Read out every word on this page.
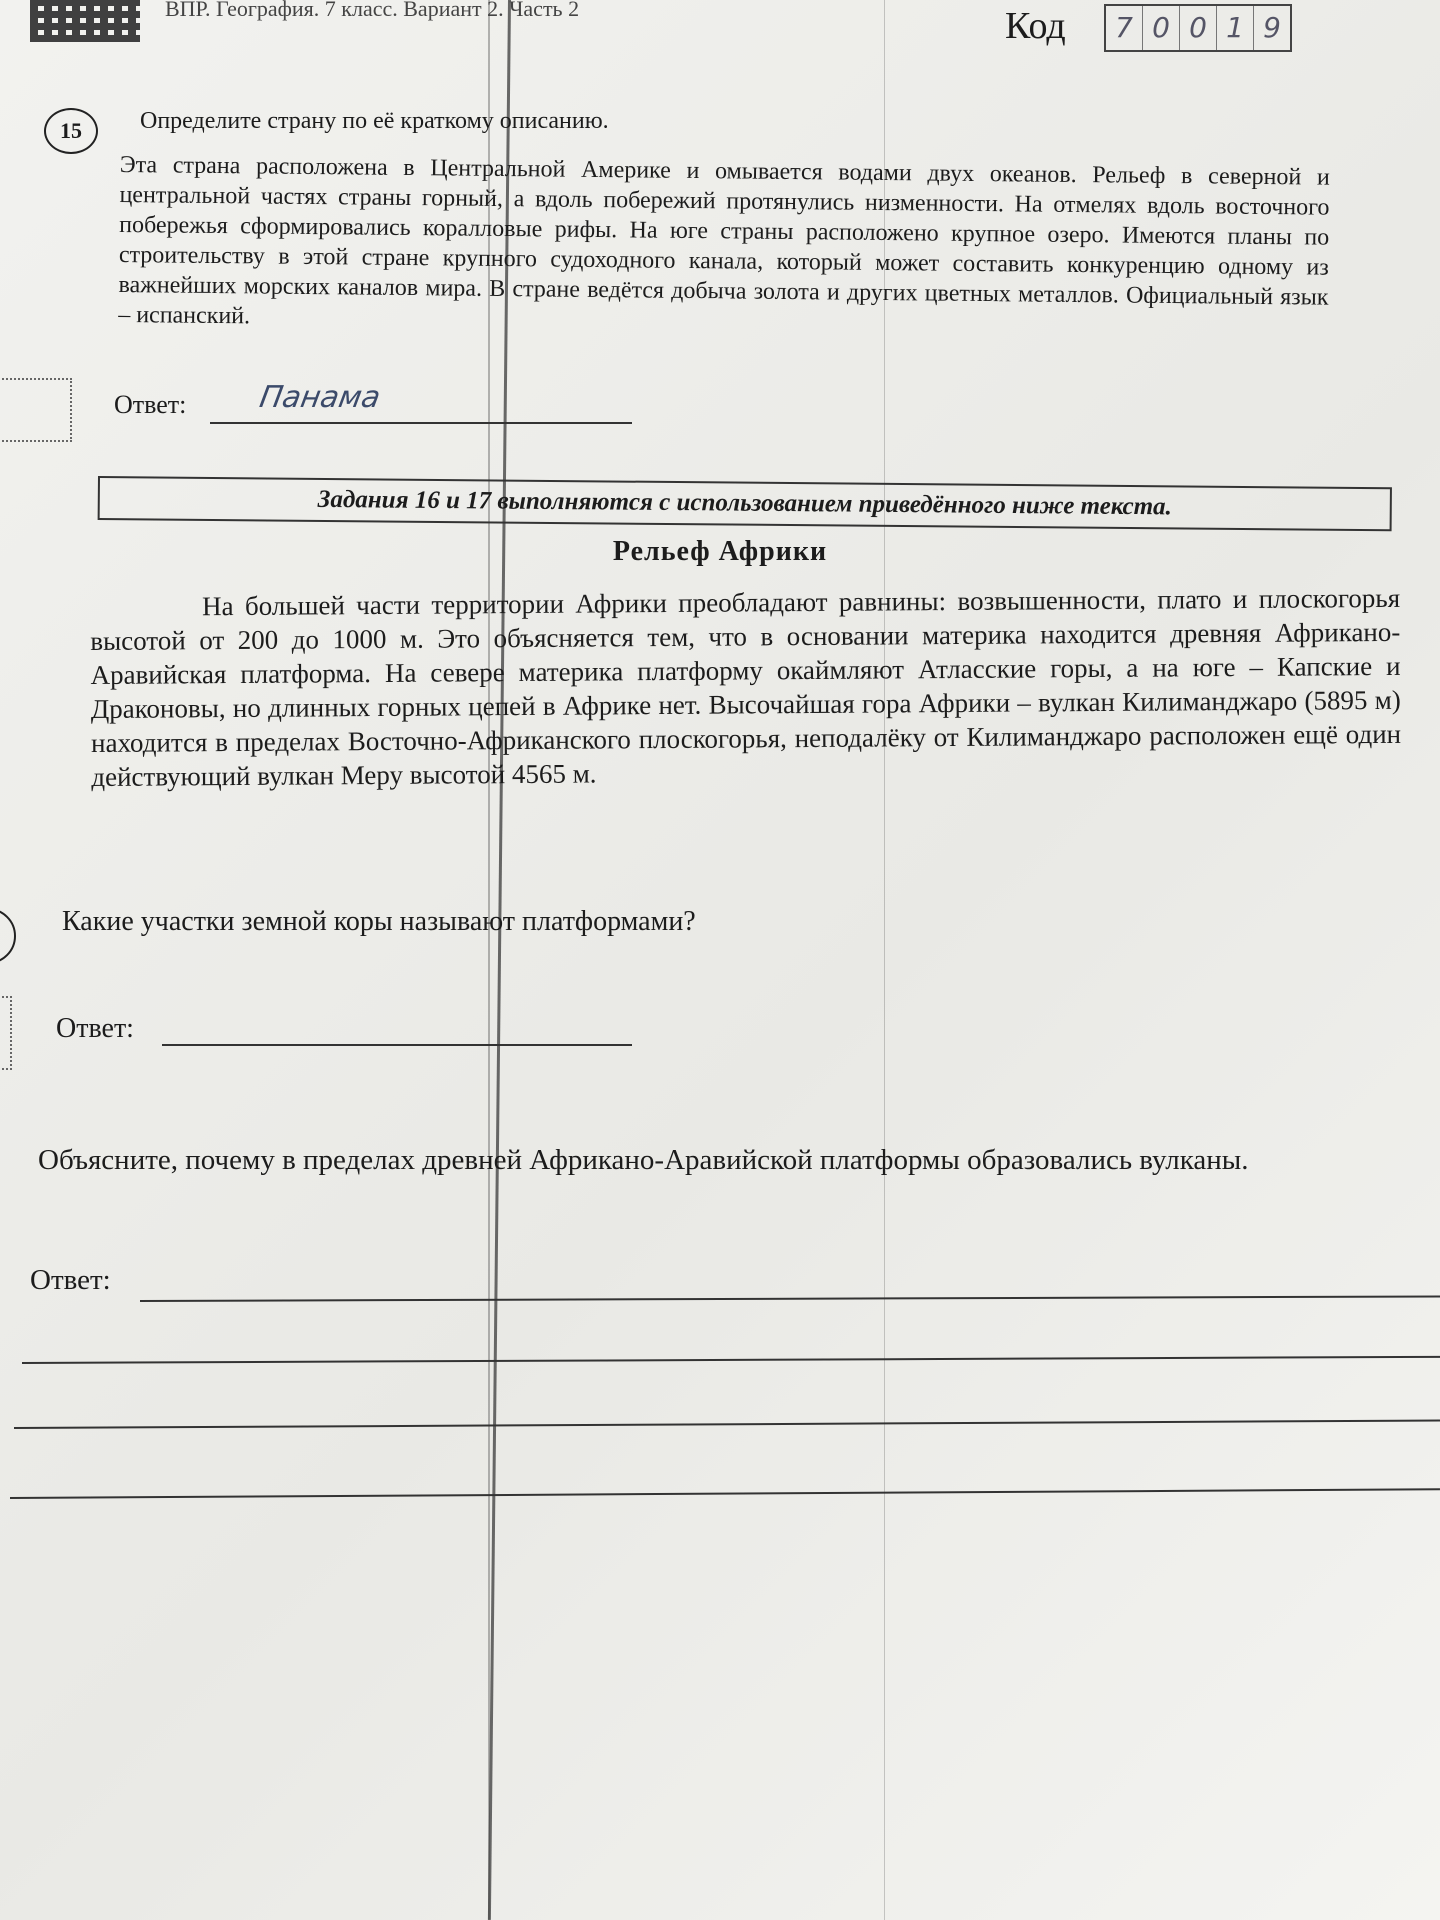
ВПР. География. 7 класс. Вариант 2. Часть 2	Код	7 0 0 1 9
15	Определите страну по её краткому описанию.

Эта страна расположена в Центральной Америке и омывается водами двух океанов. Рельеф в северной и центральной частях страны горный, а вдоль побережий протянулись низменности. На отмелях вдоль восточного побережья сформировались коралловые рифы. На юге страны расположено крупное озеро. Имеются планы по строительству в этой стране крупного судоходного канала, который может составить конкуренцию одному из важнейших морских каналов мира. В стране ведётся добыча золота и других цветных металлов. Официальный язык – испанский.

Ответ: Панама
Задания 16 и 17 выполняются с использованием приведённого ниже текста.
Рельеф Африки

На большей части территории Африки преобладают равнины: возвышенности, плато и плоскогорья высотой от 200 до 1000 м. Это объясняется тем, что в основании материка находится древняя Африкано-Аравийская платформа. На севере материка платформу окаймляют Атласские горы, а на юге – Капские и Драконовы, но длинных горных цепей в Африке нет. Высочайшая гора Африки – вулкан Килиманджаро (5895 м) находится в пределах Восточно-Африканского плоскогорья, неподалёку от Килиманджаро расположен ещё один действующий вулкан Меру высотой 4565 м.

Какие участки земной коры называют платформами?
Ответ:

Объясните, почему в пределах древней Африкано-Аравийской платформы образовались вулканы.

Ответ:
